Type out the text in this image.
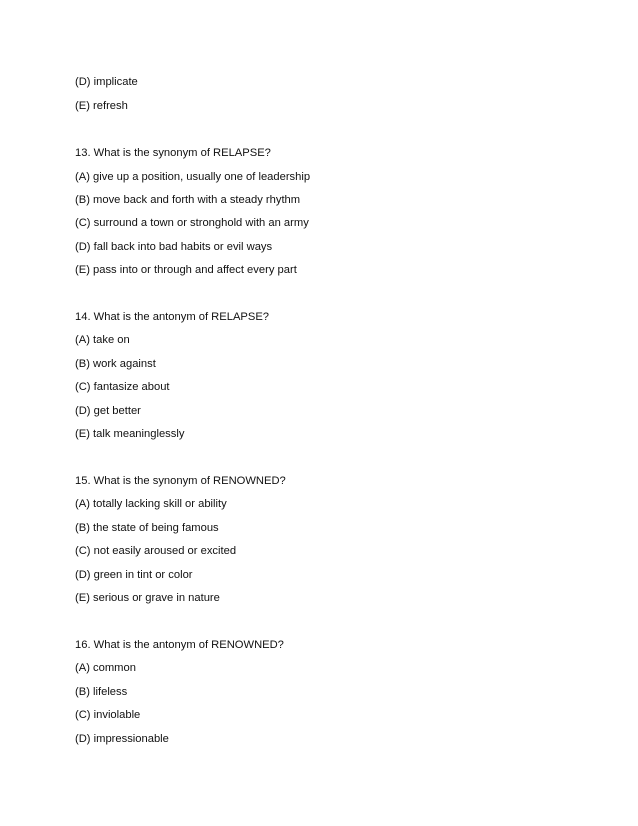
(D) implicate
(E) refresh
13. What is the synonym of RELAPSE?
(A) give up a position, usually one of leadership
(B) move back and forth with a steady rhythm
(C) surround a town or stronghold with an army
(D) fall back into bad habits or evil ways
(E) pass into or through and affect every part
14. What is the antonym of RELAPSE?
(A) take on
(B) work against
(C) fantasize about
(D) get better
(E) talk meaninglessly
15. What is the synonym of RENOWNED?
(A) totally lacking skill or ability
(B) the state of being famous
(C) not easily aroused or excited
(D) green in tint or color
(E) serious or grave in nature
16. What is the antonym of RENOWNED?
(A) common
(B) lifeless
(C) inviolable
(D) impressionable
